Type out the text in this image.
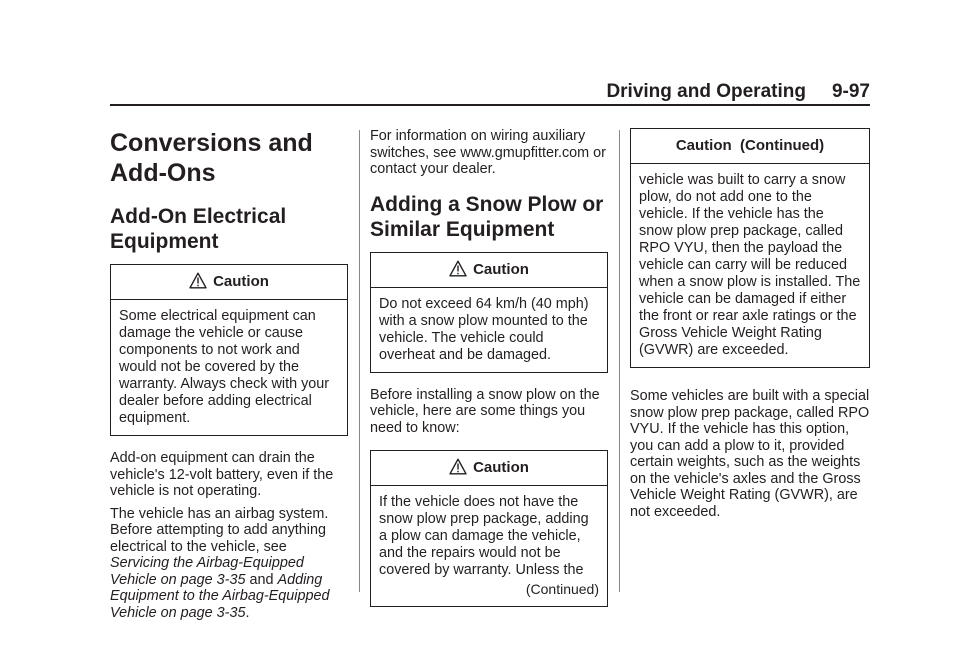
Driving and Operating 9-97
Conversions and Add-Ons
Add-On Electrical Equipment
Caution
Some electrical equipment can damage the vehicle or cause components to not work and would not be covered by the warranty. Always check with your dealer before adding electrical equipment.

Add-on equipment can drain the vehicle's 12-volt battery, even if the vehicle is not operating.

The vehicle has an airbag system. Before attempting to add anything electrical to the vehicle, see Servicing the Airbag-Equipped Vehicle on page 3-35 and Adding Equipment to the Airbag-Equipped Vehicle on page 3-35.

For information on wiring auxiliary switches, see www.gmupfitter.com or contact your dealer.

Adding a Snow Plow or Similar Equipment
Caution
Do not exceed 64 km/h (40 mph) with a snow plow mounted to the vehicle. The vehicle could overheat and be damaged.

Before installing a snow plow on the vehicle, here are some things you need to know:

Caution
If the vehicle does not have the snow plow prep package, adding a plow can damage the vehicle, and the repairs would not be covered by warranty. Unless the
(Continued)
Caution  (Continued)
vehicle was built to carry a snow plow, do not add one to the vehicle. If the vehicle has the snow plow prep package, called RPO VYU, then the payload the vehicle can carry will be reduced when a snow plow is installed. The vehicle can be damaged if either the front or rear axle ratings or the Gross Vehicle Weight Rating (GVWR) are exceeded.

Some vehicles are built with a special snow plow prep package, called RPO VYU. If the vehicle has this option, you can add a plow to it, provided certain weights, such as the weights on the vehicle's axles and the Gross Vehicle Weight Rating (GVWR), are not exceeded.
